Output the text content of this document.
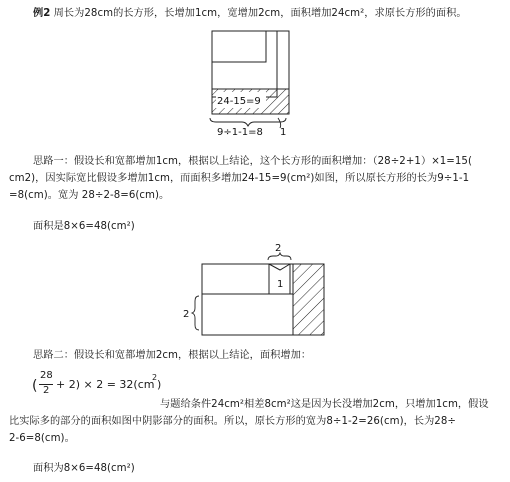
例2 周长为28cm的长方形，长增加1cm，宽增加2cm，面积增加24cm²，求原长方形的面积。
24-15=9
9÷1-1=8 1
思路一：假设长和宽都增加1cm，根据以上结论，这个长方形的面积增加：（28÷2+1）×1=15(
cm2)，因实际宽比假设多增加1cm，而面积多增加24-15=9(cm²)如图，所以原长方形的长为9÷1-1
=8(cm)。宽为 28÷2-8=6(cm)。
面积是8×6=48(cm²)
2
1
2
思路二：假设长和宽都增加2cm，根据以上结论，面积增加：
(
28
2 + 2) × 2 = 32(cm
2
)
与题给条件24cm²相差8cm²这是因为长没增加2cm，只增加1cm，假设
比实际多的部分的面积如图中阴影部分的面积。所以，原长方形的宽为8÷1-2=26(cm)，长为28÷
2-6=8(cm)。
面积为8×6=48(cm²)
